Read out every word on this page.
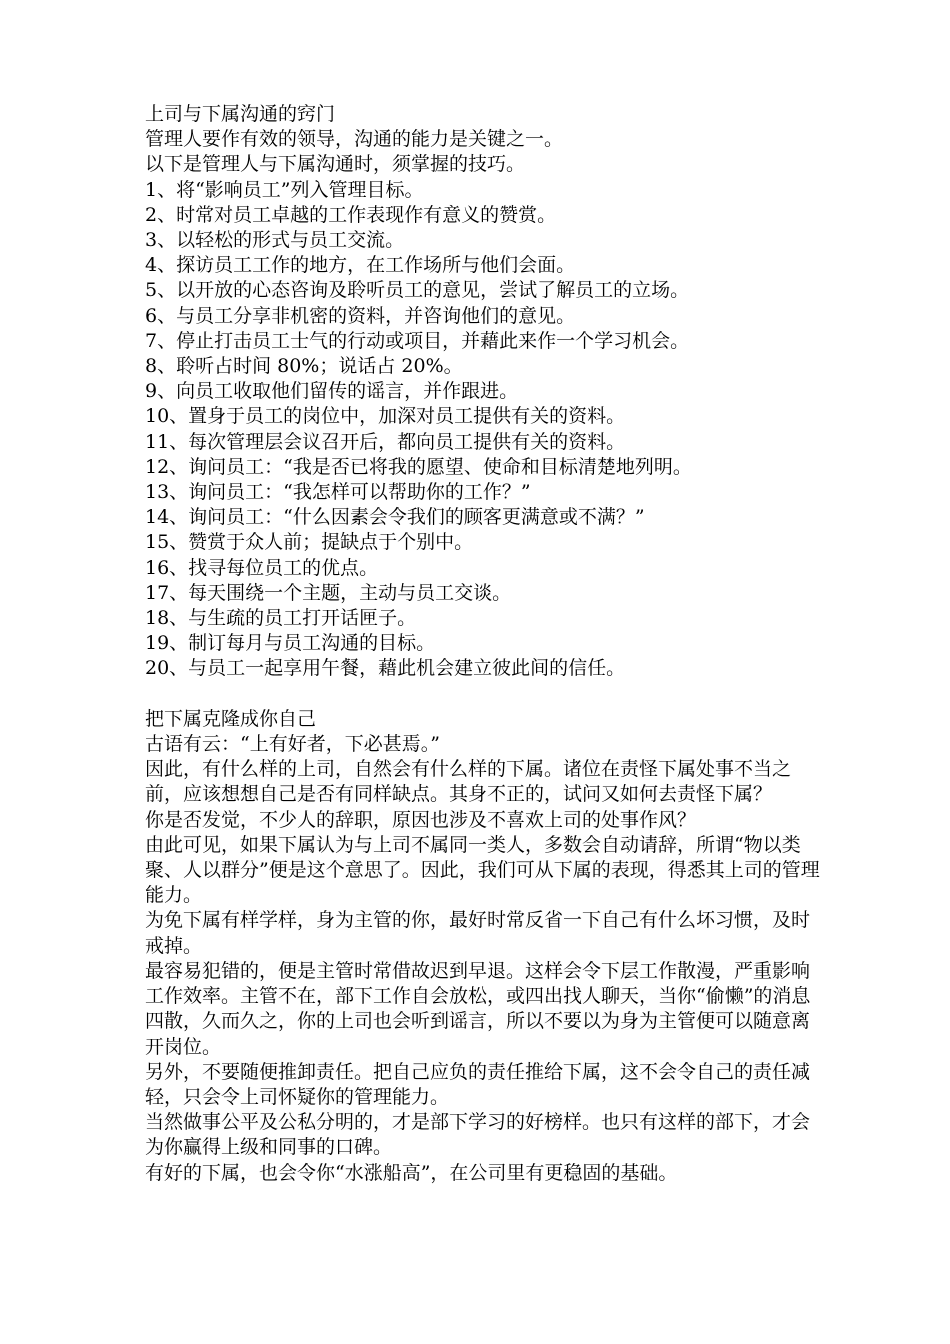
上司与下属沟通的窍门

管理人要作有效的领导，沟通的能力是关键之一。

以下是管理人与下属沟通时，须掌握的技巧。

1、将“影响员工”列入管理目标。

2、时常对员工卓越的工作表现作有意义的赞赏。

3、以轻松的形式与员工交流。

4、探访员工工作的地方，在工作场所与他们会面。

5、以开放的心态咨询及聆听员工的意见，尝试了解员工的立场。

6、与员工分享非机密的资料，并咨询他们的意见。

7、停止打击员工士气的行动或项目，并藉此来作一个学习机会。

8、聆听占时间 80%；说话占 20%。

9、向员工收取他们留传的谣言，并作跟进。

10、置身于员工的岗位中，加深对员工提供有关的资料。

11、每次管理层会议召开后，都向员工提供有关的资料。

12、询问员工：“我是否已将我的愿望、使命和目标清楚地列明。

13、询问员工：“我怎样可以帮助你的工作？”

14、询问员工：“什么因素会令我们的顾客更满意或不满？”

15、赞赏于众人前；提缺点于个别中。

16、找寻每位员工的优点。

17、每天围绕一个主题，主动与员工交谈。

18、与生疏的员工打开话匣子。

19、制订每月与员工沟通的目标。

20、与员工一起享用午餐，藉此机会建立彼此间的信任。

把下属克隆成你自己

古语有云：“上有好者，下必甚焉。”

因此，有什么样的上司，自然会有什么样的下属。诸位在责怪下属处事不当之前，应该想想自己是否有同样缺点。其身不正的，试问又如何去责怪下属？

你是否发觉，不少人的辞职，原因也涉及不喜欢上司的处事作风？

由此可见，如果下属认为与上司不属同一类人，多数会自动请辞，所谓“物以类聚、人以群分”便是这个意思了。因此，我们可从下属的表现，得悉其上司的管理能力。

为免下属有样学样，身为主管的你，最好时常反省一下自己有什么坏习惯，及时戒掉。

最容易犯错的，便是主管时常借故迟到早退。这样会令下层工作散漫，严重影响工作效率。主管不在，部下工作自会放松，或四出找人聊天，当你“偷懒”的消息四散，久而久之，你的上司也会听到谣言，所以不要以为身为主管便可以随意离开岗位。

另外，不要随便推卸责任。把自己应负的责任推给下属，这不会令自己的责任减轻，只会令上司怀疑你的管理能力。

当然做事公平及公私分明的，才是部下学习的好榜样。也只有这样的部下，才会为你赢得上级和同事的口碑。

有好的下属，也会令你“水涨船高”，在公司里有更稳固的基础。
